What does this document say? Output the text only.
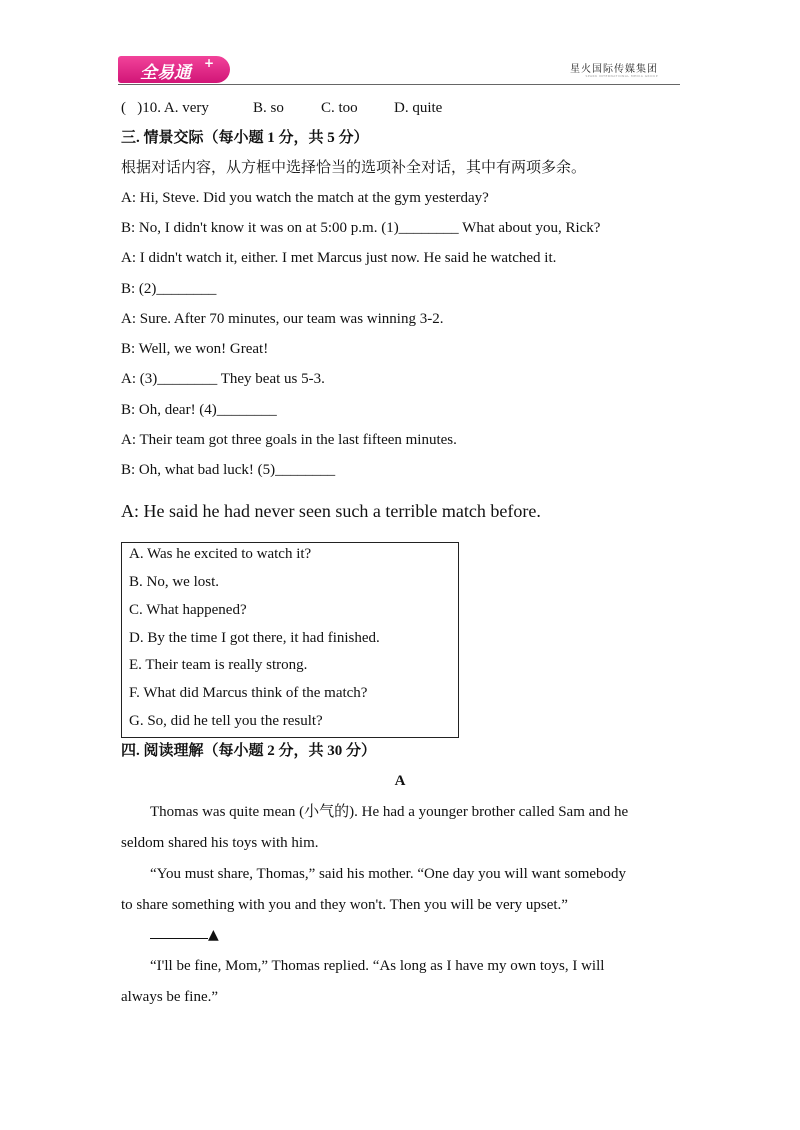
全易通 +	星火国际传媒集团
SPARK INTERNATIONAL MEDIA GROUP
(   )10. A. very	B. so C. too D. quite
三. 情景交际（每小题 1 分，共 5 分）
根据对话内容，从方框中选择恰当的选项补全对话，其中有两项多余。
A: Hi, Steve. Did you watch the match at the gym yesterday?
B: No, I didn't know it was on at 5:00 p.m. (1)________ What about you, Rick?
A: I didn't watch it, either. I met Marcus just now. He said he watched it.
B: (2)________
A: Sure. After 70 minutes, our team was winning 3-2.
B: Well, we won! Great!
A: (3)________ They beat us 5-3.
B: Oh, dear! (4)________
A: Their team got three goals in the last fifteen minutes.
B: Oh, what bad luck! (5)________
A: He said he had never seen such a terrible match before.
A. Was he excited to watch it?
B. No, we lost.
C. What happened?
D. By the time I got there, it had finished.
E. Their team is really strong.
F. What did Marcus think of the match?
G. So, did he tell you the result?
四. 阅读理解（每小题 2 分，共 30 分）
A
Thomas was quite mean (小气的). He had a younger brother called Sam and he
seldom shared his toys with him.
“You must share, Thomas,” said his mother. “One day you will want somebody
to share something with you and they won't. Then you will be very upset.”
▲
“I'll be fine, Mom,” Thomas replied. “As long as I have my own toys, I will
always be fine.”
